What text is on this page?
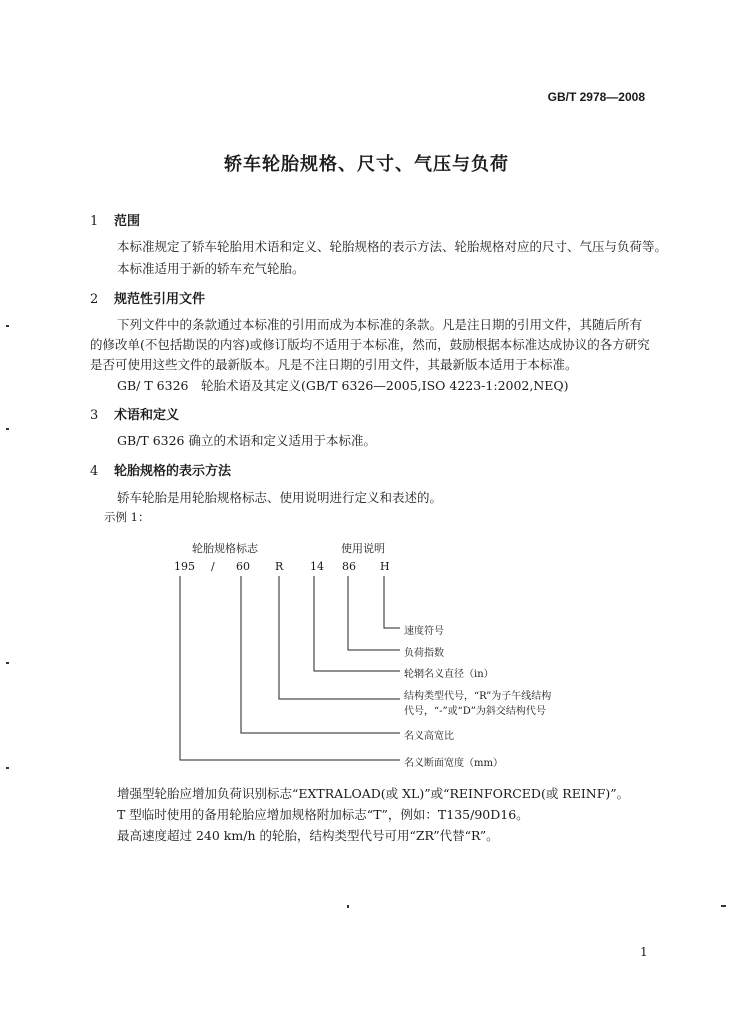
GB/T 2978—2008
轿车轮胎规格、尺寸、气压与负荷
1 范围
本标准规定了轿车轮胎用术语和定义、轮胎规格的表示方法、轮胎规格对应的尺寸、气压与负荷等。
本标准适用于新的轿车充气轮胎。
2 规范性引用文件
下列文件中的条款通过本标准的引用而成为本标准的条款。凡是注日期的引用文件，其随后所有
的修改单(不包括勘误的内容)或修订版均不适用于本标准，然而，鼓励根据本标准达成协议的各方研究
是否可使用这些文件的最新版本。凡是不注日期的引用文件，其最新版本适用于本标准。
GB/ T 6326　轮胎术语及其定义(GB/T 6326—2005,ISO 4223-1:2002,NEQ)
3 术语和定义
GB/T 6326 确立的术语和定义适用于本标准。
4 轮胎规格的表示方法
轿车轮胎是用轮胎规格标志、使用说明进行定义和表述的。
示例 1：
轮胎规格标志	使用说明
195 / 60 R 14 86 H
速度符号
负荷指数
轮辋名义直径（in）
结构类型代号，“R”为子午线结构
代号，“-”或“D”为斜交结构代号
名义高宽比
名义断面宽度（mm）
增强型轮胎应增加负荷识别标志“EXTRALOAD(或 XL)”或“REINFORCED(或 REINF)”。
T 型临时使用的备用轮胎应增加规格附加标志“T”，例如：T135/90D16。
最高速度超过 240 km/h 的轮胎，结构类型代号可用“ZR”代替“R”。
1
